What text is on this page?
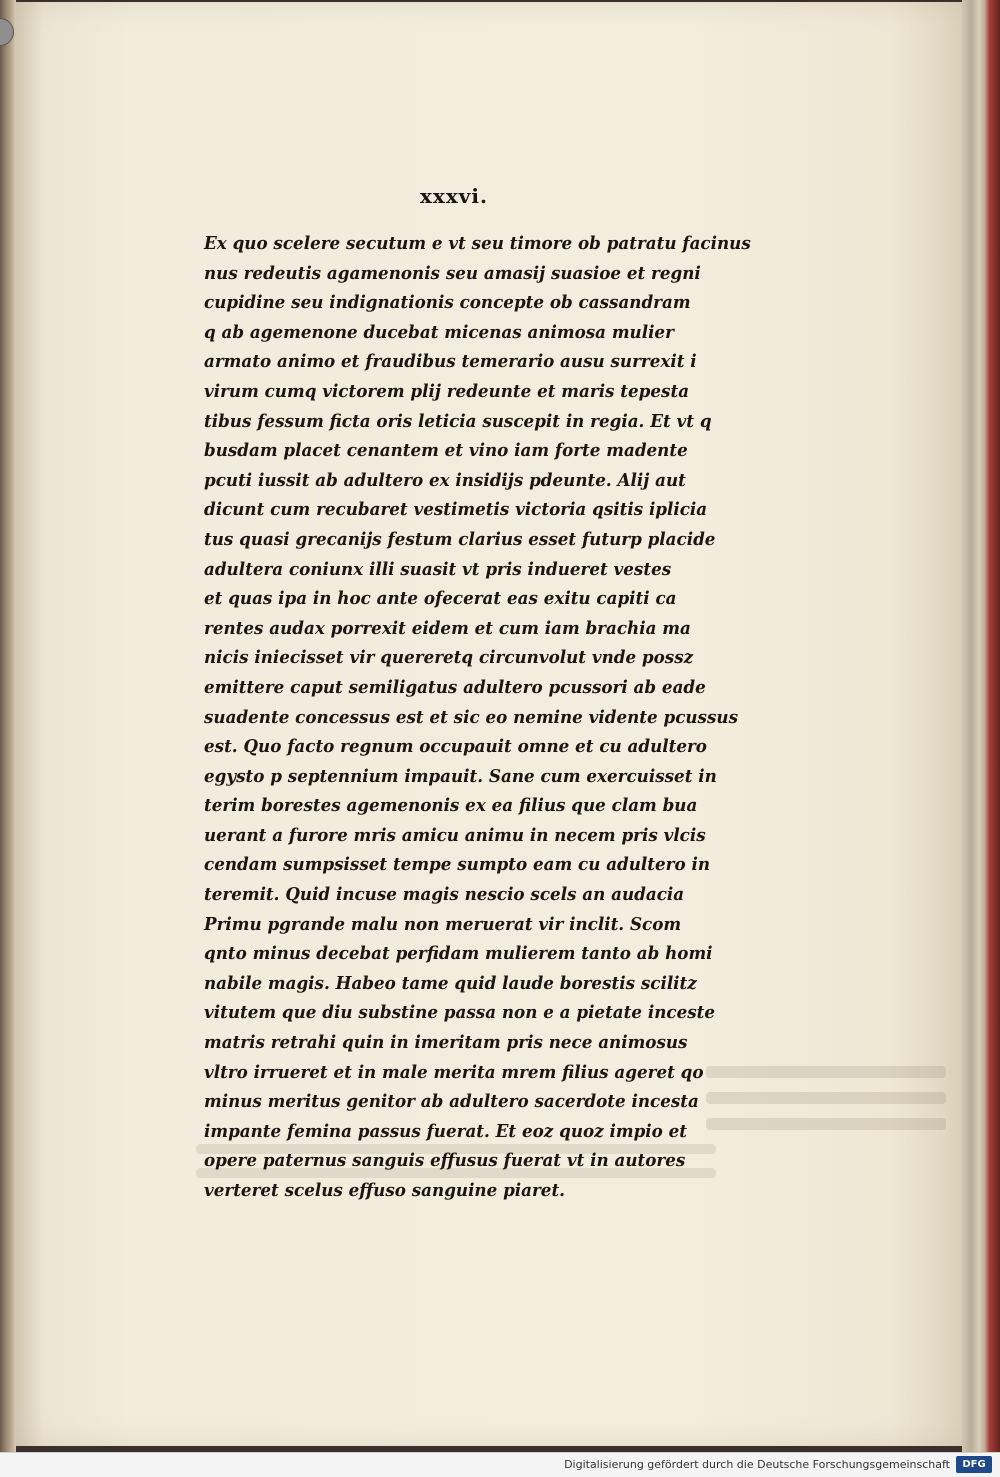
xxxvi.
Ex quo scelere secutum e vt seu timore ob patratu facinus
nus redeutis agamenonis seu amasij suasioe et regni
cupidine seu indignationis concepte ob cassandram
q ab agemenone ducebat micenas animosa mulier
armato animo et fraudibus temerario ausu surrexit i
virum cumq victorem plij redeunte et maris tepesta
tibus fessum ficta oris leticia suscepit in regia. Et vt q
busdam placet cenantem et vino iam forte madente
pcuti iussit ab adultero ex insidijs pdeunte. Alij aut
dicunt cum recubaret vestimetis victoria qsitis iplicia
tus quasi grecanijs festum clarius esset futurp placide
adultera coniunx illi suasit vt pris indueret vestes
et quas ipa in hoc ante ofecerat eas exitu capiti ca
rentes audax porrexit eidem et cum iam brachia ma
nicis iniecisset vir quereretq circunvolut vnde possz
emittere caput semiligatus adultero pcussori ab eade
suadente concessus est et sic eo nemine vidente pcussus
est. Quo facto regnum occupauit omne et cu adultero
egysto p septennium impauit. Sane cum exercuisset in
terim borestes agemenonis ex ea filius que clam bua
uerant a furore mris amicu animu in necem pris vlcis
cendam sumpsisset tempe sumpto eam cu adultero in
teremit. Quid incuse magis nescio scels an audacia
Primu pgrande malu non meruerat vir inclit. Scom
qnto minus decebat perfidam mulierem tanto ab homi
nabile magis. Habeo tame quid laude borestis scilitz
vitutem que diu substine passa non e a pietate inceste
matris retrahi quin in imeritam pris nece animosus
vltro irrueret et in male merita mrem filius ageret qo
minus meritus genitor ab adultero sacerdote incesta
impante femina passus fuerat. Et eoz quoz impio et
opere paternus sanguis effusus fuerat vt in autores
verteret scelus effuso sanguine piaret.
Digitalisierung gefördert durch die Deutsche Forschungsgemeinschaft	DFG
